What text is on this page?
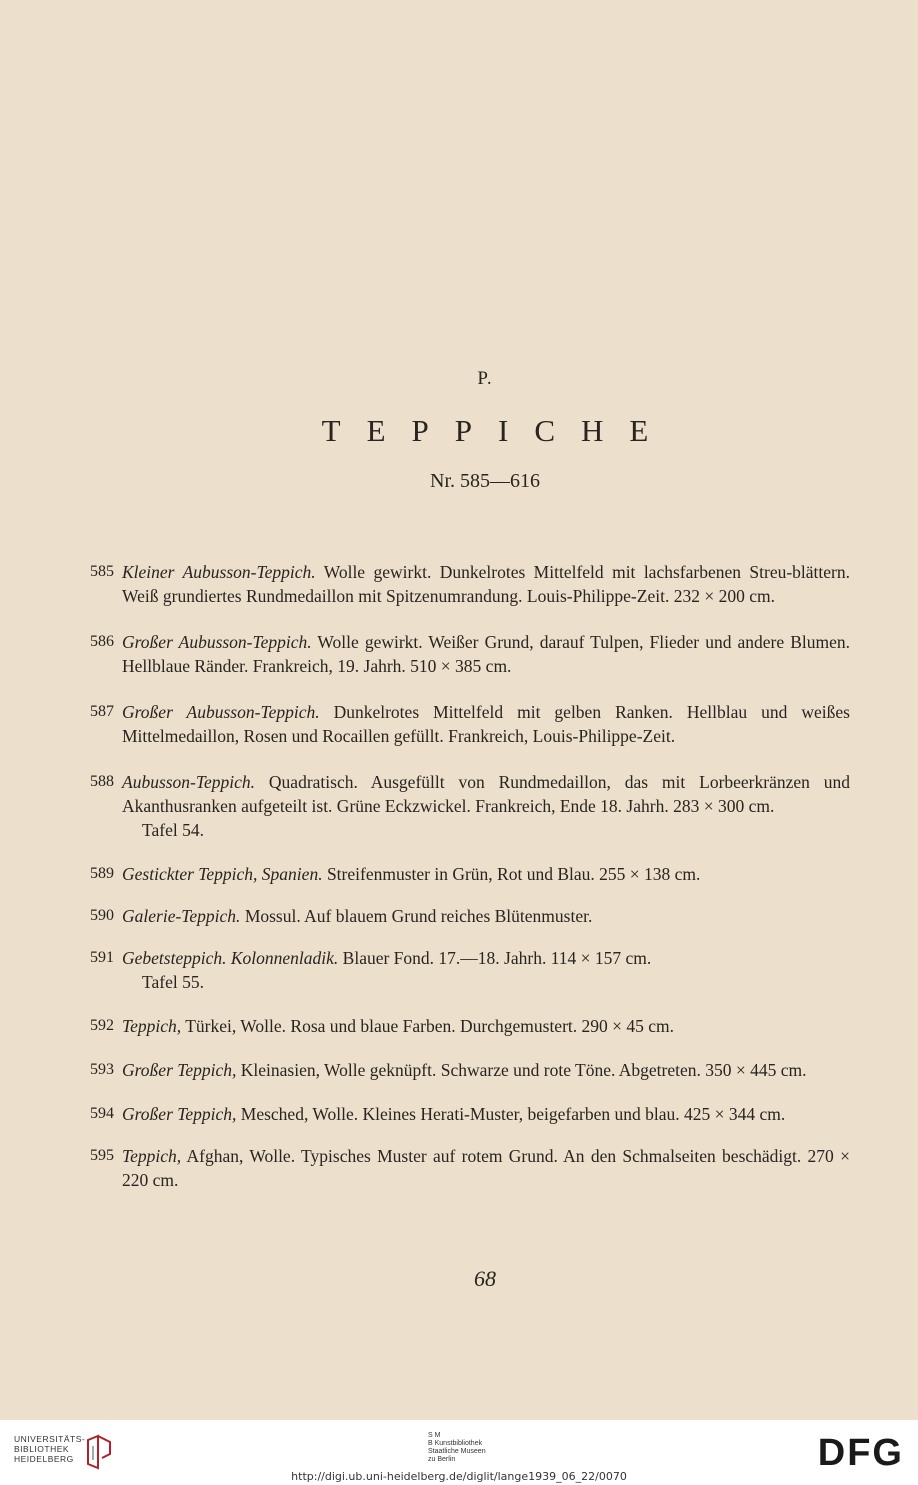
P.
TEPPICHE
Nr. 585—616
585 Kleiner Aubusson-Teppich. Wolle gewirkt. Dunkelrotes Mittelfeld mit lachsfarbenen Streu-blättern. Weiß grundiertes Rundmedaillon mit Spitzenumrandung. Louis-Philippe-Zeit. 232 × 200 cm.
586 Großer Aubusson-Teppich. Wolle gewirkt. Weißer Grund, darauf Tulpen, Flieder und andere Blumen. Hellblaue Ränder. Frankreich, 19. Jahrh. 510 × 385 cm.
587 Großer Aubusson-Teppich. Dunkelrotes Mittelfeld mit gelben Ranken. Hellblau und weißes Mittelmedaillon, Rosen und Rocaillen gefüllt. Frankreich, Louis-Philippe-Zeit.
588 Aubusson-Teppich. Quadratisch. Ausgefüllt von Rundmedaillon, das mit Lorbeerkränzen und Akanthusranken aufgeteilt ist. Grüne Eckzwickel. Frankreich, Ende 18. Jahrh. 283 × 300 cm.
Tafel 54.
589 Gestickter Teppich, Spanien. Streifenmuster in Grün, Rot und Blau. 255 × 138 cm.
590 Galerie-Teppich. Mossul. Auf blauem Grund reiches Blütenmuster.
591 Gebetsteppich. Kolonnenladik. Blauer Fond. 17.—18. Jahrh. 114 × 157 cm.
Tafel 55.
592 Teppich, Türkei, Wolle. Rosa und blaue Farben. Durchgemustert. 290 × 45 cm.
593 Großer Teppich, Kleinasien, Wolle geknüpft. Schwarze und rote Töne. Abgetreten. 350 × 445 cm.
594 Großer Teppich, Mesched, Wolle. Kleines Herati-Muster, beigefarben und blau. 425 × 344 cm.
595 Teppich, Afghan, Wolle. Typisches Muster auf rotem Grund. An den Schmalseiten beschädigt. 270 × 220 cm.
68
UNIVERSITÄTS-
BIBLIOTHEK
HEIDELBERG
S M
B Kunstbibliothek
Staatliche Museen
zu Berlin	DFG
http://digi.ub.uni-heidelberg.de/diglit/lange1939_06_22/0070
